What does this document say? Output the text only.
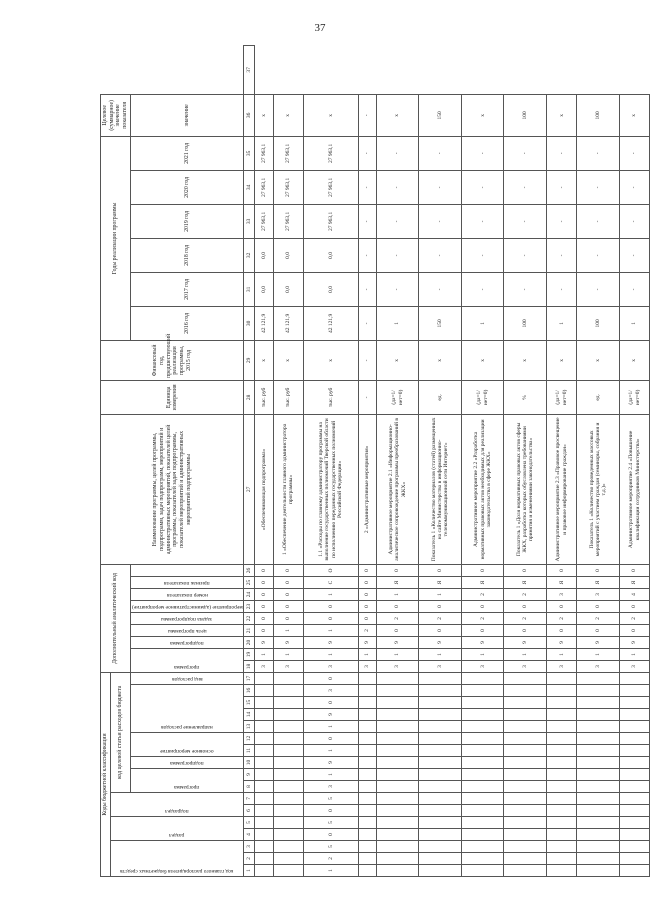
37
Коды бюджетной классификации																	Дополнительный аналитический код									Наименование программы, целей программы, подпрограмм, задач подпрограмм, мероприятий и административных мероприятий, показателей целей программы, показателей задач подпрограммы, показателей мероприятий и административных мероприятий подпрограммы	Единица измерения	Финансовый год, предшествующий реализации программы, 2015 год	Годы реализации программы						Целевое (суммарное) значение показателя	

код главного распорядителя бюджетных средств			раздел		подраздел		код целевой статьи расходов бюджета																													

							программа		подпрограмма	основное мероприятие		направление расходов				вид расходов	программа		подпрограмма	цель программы	задача подпрограммы	мероприятие (административное мероприятие)	номер показателя	признак показателя					2016 год	2017 год	2018 год	2019 год	2020 год	2021 год	значение	
1	2	3	4	5	6	7	8	9	10	11	12	13	14	15	16	17	18	19	20	21	22	23	24	25	26	27	28	29	30	31	32	33	34	35	36	37
																	3	1	9	0	0	0	0	0	0	«Обеспечивающая подпрограмма»	тыс. руб	х	42 121,9	0,0	0,0	27 963,1	27 963,1	27 963,1	х	
																	3	1	9	1	0	0	0	0	0	1 «Обеспечение деятельности главного администратора программы»	тыс. руб	х	42 121,9	0,0	0,0	27 963,1	27 963,1	27 963,1	х	
1	2	5	0	5	0	5	3	1	9	1	0	1	9	0	3	0	3	1	9	1	0	0	1	С	О	1.1 «Расходы по главному администратору программы на выполнение государственных полномочий Тверской области по исполнению переданных государственных полномочий Российской Федерации»	тыс. руб	х	42 121,9	0,0	0,0	27 963,1	27 963,1	27 963,1	х	
																	3	1	9	2	0	0	0	0	0	2 «Административные мероприятия»	-	-	-	-	-	-	-	-	-	
																	3	1	9	0	2	0	1	Я	0	Административное мероприятие 2.1 «Информационно-аналитическое сопровождение программы преобразований в ЖКХ»	(да=1/ нет=0)	х	1	-	-	-	-	-	х	
																	3	1	9	0	2	0	1	Я	0	Показатель 1 «Количество материалов (статей) размещенных на сайте Министерства в информационно-телекоммуникационной сети Интернет»	ед.	х	150	-	-	-	-	-	150	
																	3	1	9	0	2	0	2	Я	0	Административное мероприятие 2.2 «Разработка нормативных правовых актов необходимых для реализации законодательства в сфере ЖКХ»	(да=1/ нет=0)	х	1	-	-	-	-	-	х	
																	3	1	9	0	2	0	2	Я	0	Показатель 1 «Доля нормативных правовых актов сферы ЖКХ, разработка которых обусловлена требованиями принятия и изменениями законодательства»	%	х	100	-	-	-	-	-	100	
																	3	1	9	0	2	0	3	Я	0	Административное мероприятие 2.3 «Правовое просвещение и правовое информирование граждан»	(да=1/ нет=0)	х	1	-	-	-	-	-	х	
																	3	1	9	0	2	0	3	Я	0	Показатель 1 «Количество проведенных массовых мероприятий с участием граждан (семинары, собрания и т.д.)»	ед.	х	100	-	-	-	-	-	100	
																	3	1	9	0	2	0	4	Я	0	Административное мероприятие 2.4 «Повышение квалификации сотрудников Министерства»	(да=1/ нет=0)	х	1	-	-	-	-	-	х	
